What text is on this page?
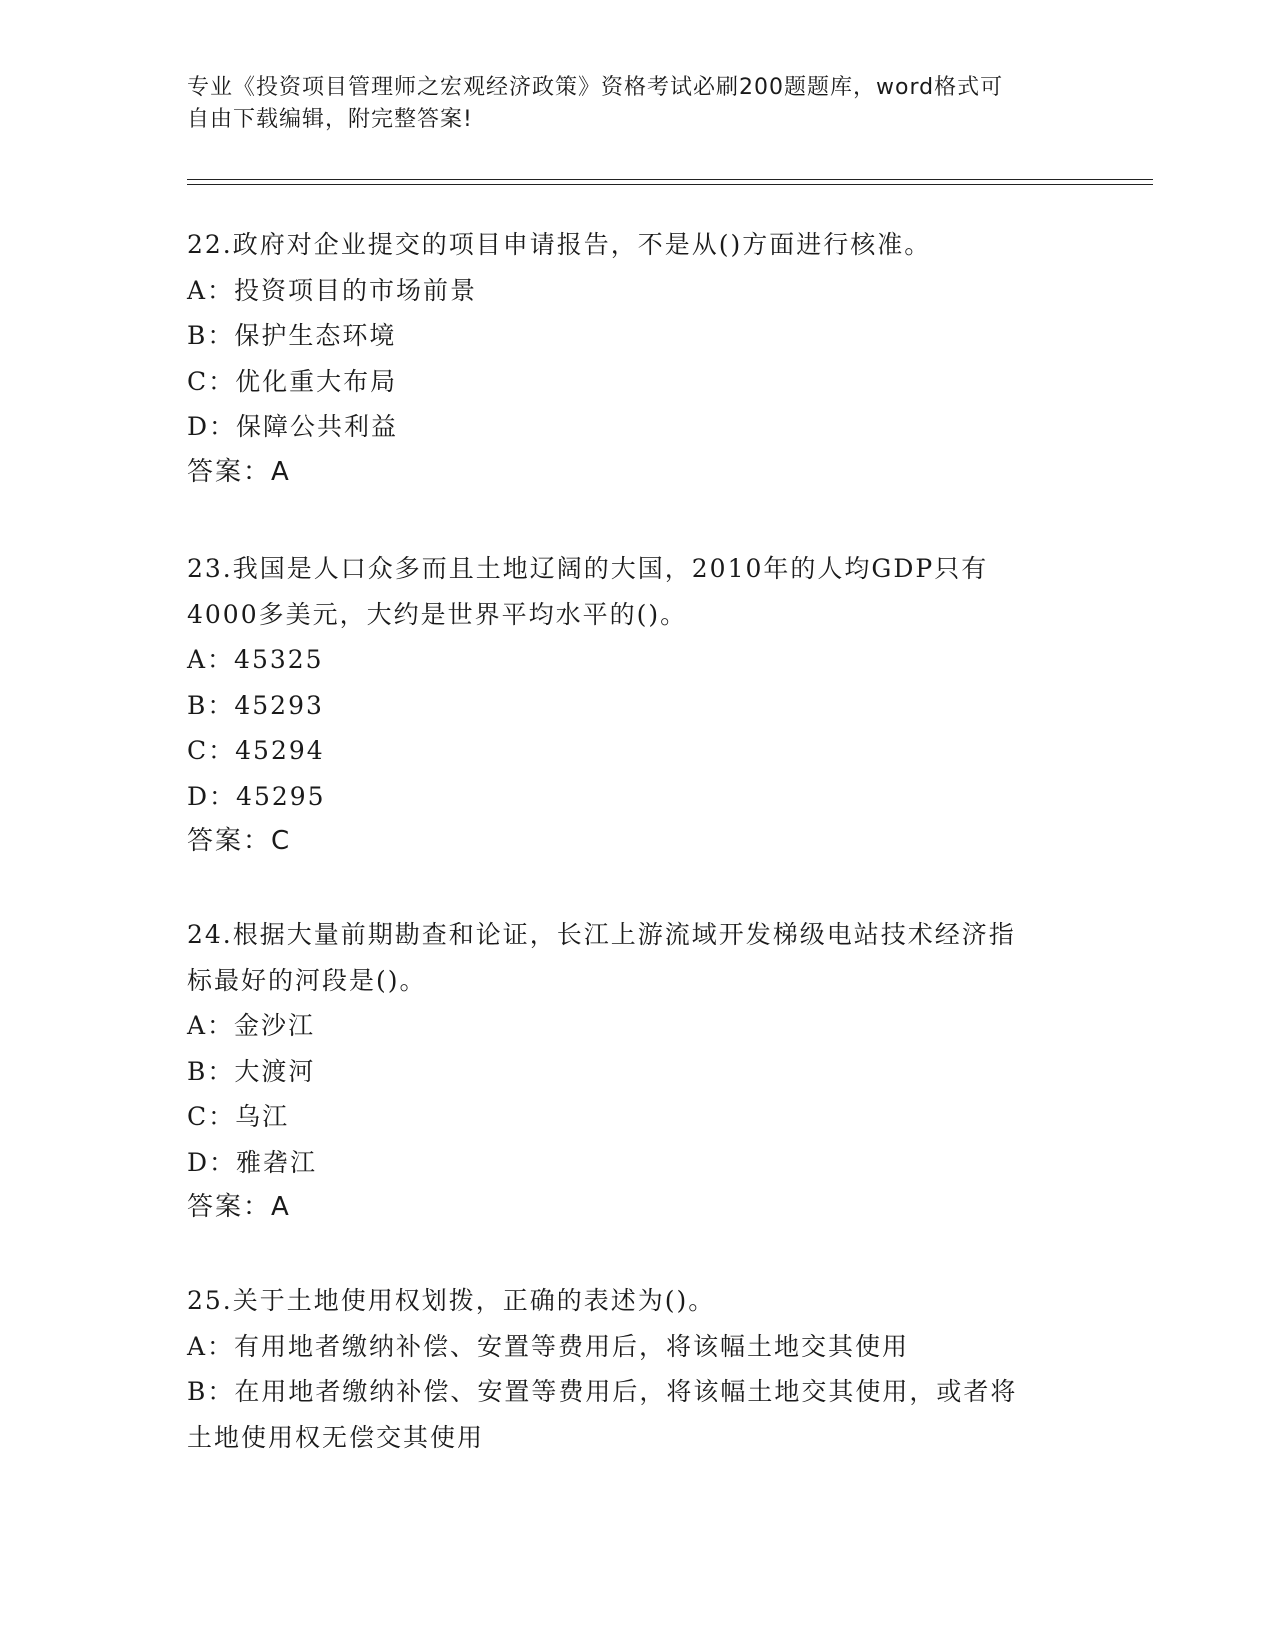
专业《投资项目管理师之宏观经济政策》资格考试必刷200题题库，word格式可
自由下载编辑，附完整答案!
22.政府对企业提交的项目申请报告，不是从()方面进行核准。
A：投资项目的市场前景
B：保护生态环境
C：优化重大布局
D：保障公共利益
答案：A
23.我国是人口众多而且土地辽阔的大国，2010年的人均GDP只有
4000多美元，大约是世界平均水平的()。
A：45325
B：45293
C：45294
D：45295
答案：C
24.根据大量前期勘查和论证，长江上游流域开发梯级电站技术经济指
标最好的河段是()。
A：金沙江
B：大渡河
C：乌江
D：雅砻江
答案：A
25.关于土地使用权划拨，正确的表述为()。
A：有用地者缴纳补偿、安置等费用后，将该幅土地交其使用
B：在用地者缴纳补偿、安置等费用后，将该幅土地交其使用，或者将
土地使用权无偿交其使用
